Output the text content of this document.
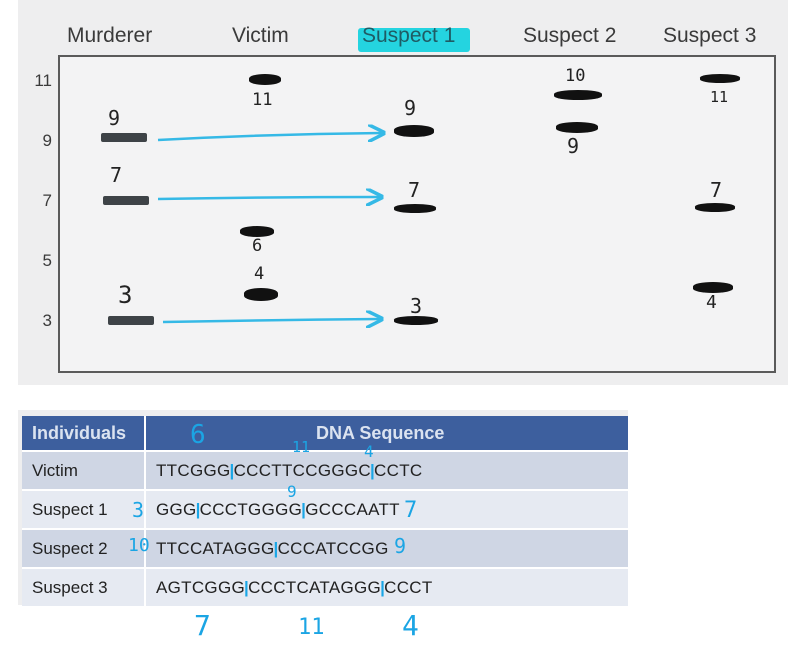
Murderer	Victim	Suspect 1	Suspect 2 Suspect 3
11
9
7
5
3
9
7
3
11
6
4
9
7
3
10
9
11
7
4
Individuals	DNA Sequence
Victim	TTCGGG|CCCTTCCGGGC|CCTC
Suspect 1	GGG|CCCTGGGG|GCCCAATT
Suspect 2	TTCCATAGGG|CCCATCCGG
Suspect 3	AGTCGGG|CCCTCATAGGG|CCCT
6	11	4
3
9
7
10	9
7	11	4
